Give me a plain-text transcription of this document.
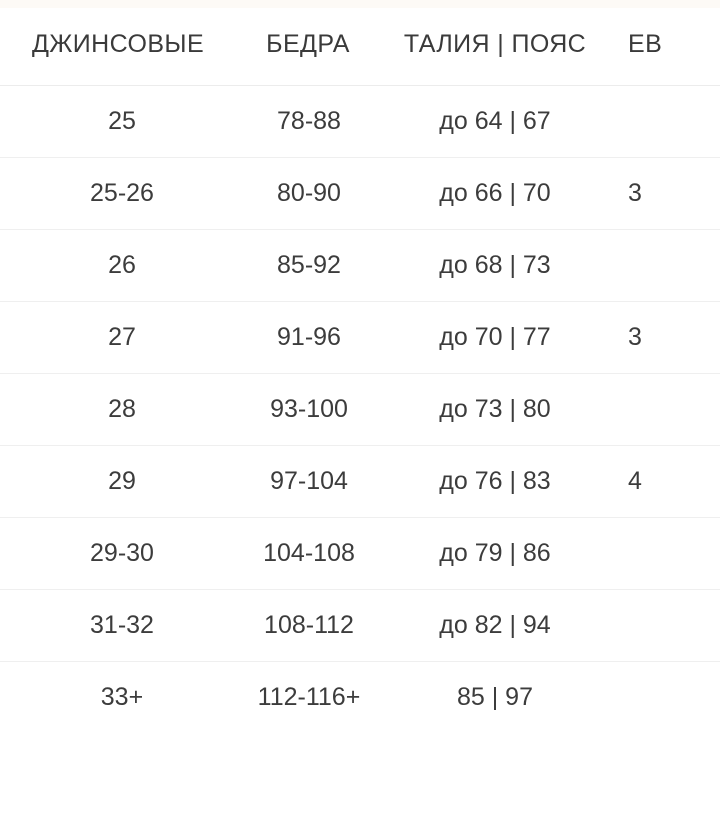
ДЖИНСОВЫЕ	БЕДРА	ТАЛИЯ | ПОЯС	ЕВ
25	78-88	до 64 | 67	
25-26	80-90	до 66 | 70	3
26	85-92	до 68 | 73	
27	91-96	до 70 | 77	3
28	93-100	до 73 | 80	
29	97-104	до 76 | 83	4
29-30	104-108	до 79 | 86	
31-32	108-112	до 82 | 94	
33+	112-116+	85 | 97	
